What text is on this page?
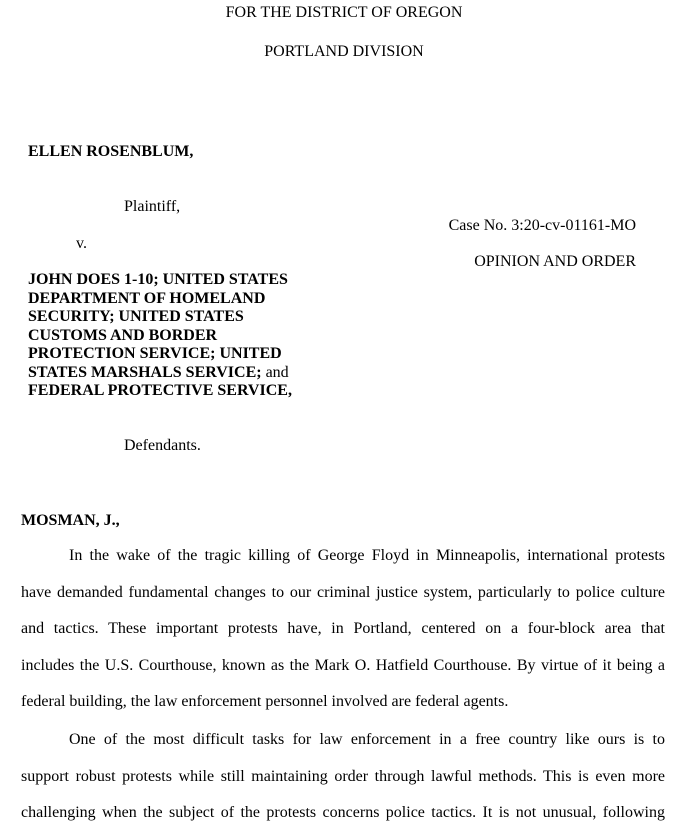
FOR THE DISTRICT OF OREGON
PORTLAND DIVISION
ELLEN ROSENBLUM,
Plaintiff,
v.
Case No. 3:20-cv-01161-MO
OPINION AND ORDER
JOHN DOES 1-10; UNITED STATES
DEPARTMENT OF HOMELAND
SECURITY; UNITED STATES
CUSTOMS AND BORDER
PROTECTION SERVICE; UNITED
STATES MARSHALS SERVICE; and
FEDERAL PROTECTIVE SERVICE,
Defendants.
MOSMAN, J.,
In the wake of the tragic killing of George Floyd in Minneapolis, international protests
have demanded fundamental changes to our criminal justice system, particularly to police culture
and tactics. These important protests have, in Portland, centered on a four-block area that
includes the U.S. Courthouse, known as the Mark O. Hatfield Courthouse. By virtue of it being a
federal building, the law enforcement personnel involved are federal agents.
One of the most difficult tasks for law enforcement in a free country like ours is to
support robust protests while still maintaining order through lawful methods. This is even more
challenging when the subject of the protests concerns police tactics. It is not unusual, following
